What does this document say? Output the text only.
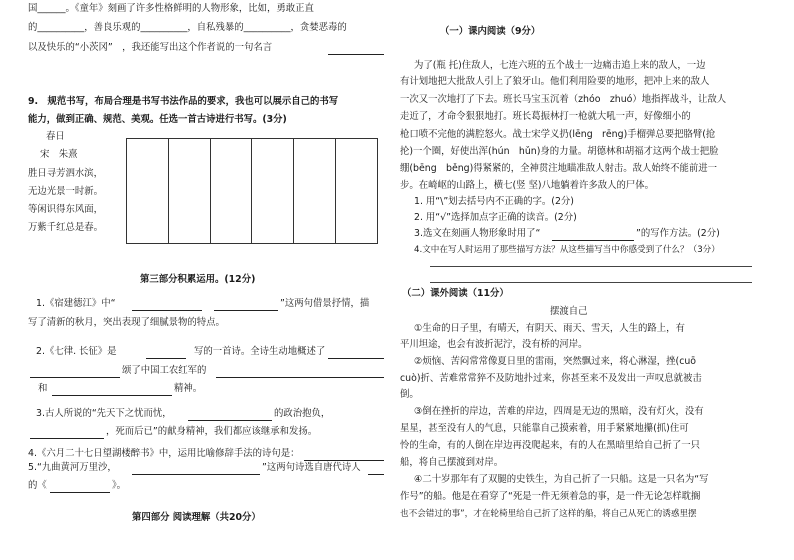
国______。《童年》刻画了许多性格鲜明的人物形象，比如，勇敢正直
的__________，善良乐观的__________，自私残暴的__________，贪婪恶毒的
以及快乐的“小茨冈”　，我还能写出这个作者说的一句名言
9.　规范书写，布局合理是书写书法作品的要求，我也可以展示自己的书写
能力，做到正确、规范、美观。任选一首古诗进行书写。(3分)
春日
宋　朱熹
胜日寻芳泗水滨，
无边光景一时新。
等闲识得东风面，
万紫千红总是春。
第三部分积累运用。(12分)
1.《宿建德江》中“	”这两句借景抒情，描
写了清新的秋月，突出表现了细腻景物的特点。
2.《七律. 长征》是	写的一首诗。全诗生动地概述了
颂了中国工农红军的
和	精神。
3.古人所说的“先天下之忧而忧，	的政治抱负，
，死而后已”的献身精神，我们都应该继承和发扬。
4.《六月二十七日望湖楼醉书》中，运用比喻修辞手法的诗句是：
5.“九曲黄河万里沙，	”这两句诗选自唐代诗人
的《	》。
第四部分 阅读理解（共20分）
（一）课内阅读（9分）
为了(瓶 托)住敌人，七连六班的五个战士一边痛击追上来的敌人，一边
有计划地把大批敌人引上了狼牙山。他们利用险要的地形，把冲上来的敌人
一次又一次地打了下去。班长马宝玉沉着（zhóo　zhuó）地指挥战斗，让敌人
走近了，才命令狠狠地打。班长葛振林打一枪就大吼一声，好像细小的
枪口喷不完他的满腔怒火。战士宋学义扔(lēng　rēng)手榴弹总要把胳臂(抢
抡)一个圈，好使出浑(hún　hǔn)身的力量。胡德林和胡福才这两个战士把脸
绷(bēng　běng)得紧紧的，全神贯注地瞄准敌人射击。敌人始终不能前进一
步。在崎岖的山路上，横七(竖 坚)八地躺着许多敌人的尸体。
1. 用“\”划去括号内不正确的字。(2分)
2. 用“√”选择加点字正确的读音。(2分)
3.选文在刻画人物形象时用了“	”的写作方法。(2分)
4.文中在写人时运用了那些描写方法？从这些描写当中你感受到了什么？（3分）
（二）课外阅读（11分）
摆渡自己
①生命的日子里，有晴天，有阴天、雨天、雪天，人生的路上，有
平川坦途，也会有波折泥泞，没有桥的河岸。
②烦恼、苦闷常常像夏日里的雷雨，突然飘过来，将心淋湿，挫(cuō
cuò)折、苦难常常猝不及防地扑过来，你甚至来不及发出一声叹息就被击
倒。
③倒在挫折的岸边，苦难的岸边，四周是无边的黑暗，没有灯火，没有
星星，甚至没有人的气息，只能靠自己摸索着，用手紧紧地攥(抓)住可
怜的生命，有的人倒在岸边再没爬起来，有的人在黑暗里给自己折了一只
船，将自己摆渡到对岸。
④二十岁那年有了双腿的史铁生，为自己折了一只船。这是一只名为“写
作号”的船。他是在看穿了“死是一件无须着急的事，是一件无论怎样耽搁
也不会错过的事”，才在轮椅里给自己折了这样的船，将自己从死亡的诱惑里摆
